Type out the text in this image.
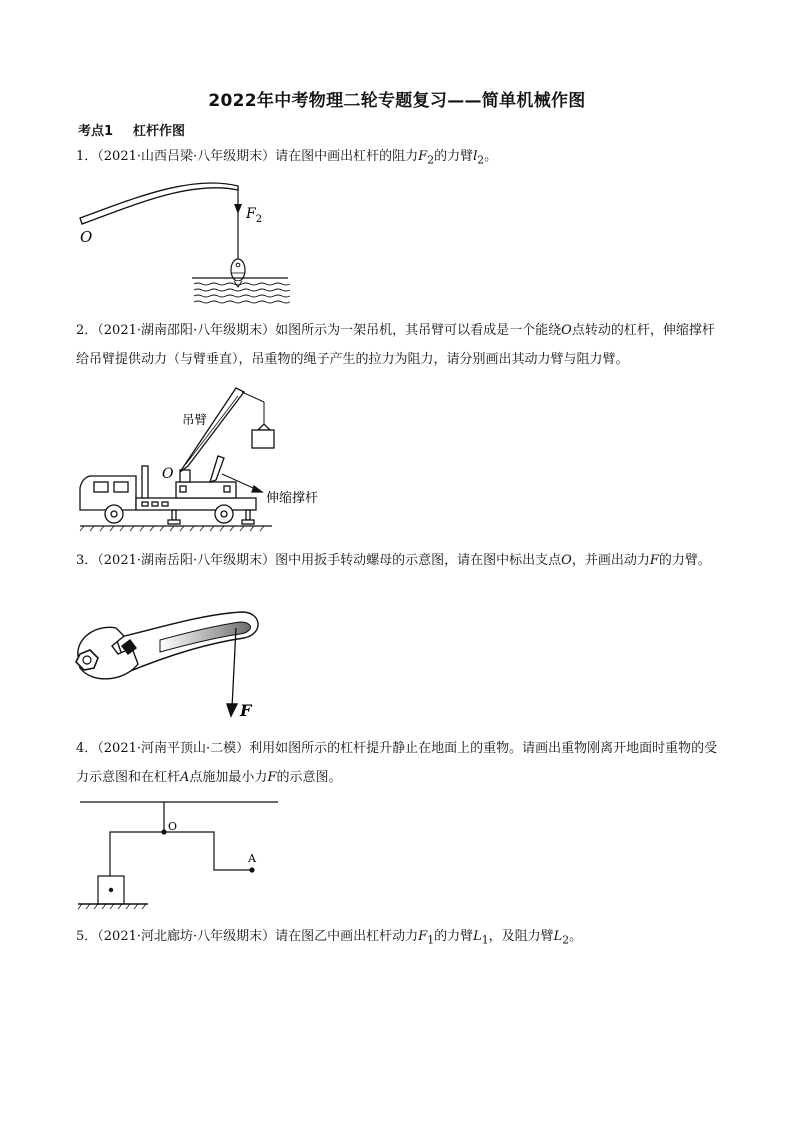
2022年中考物理二轮专题复习——简单机械作图
考点1 杠杆作图
1．（2021·山西吕梁·八年级期末）请在图中画出杠杆的阻力$F_2$的力臂$l_2$。
O
$F_2$
2．（2021·湖南邵阳·八年级期末）如图所示为一架吊机，其吊臂可以看成是一个能绕O点转动的杠杆，伸缩撑杆给吊臂提供动力（与臂垂直），吊重物的绳子产生的拉力为阻力，请分别画出其动力臂与阻力臂。
吊臂
O
伸缩撑杆
3．（2021·湖南岳阳·八年级期末）图中用扳手转动螺母的示意图，请在图中标出支点O，并画出动力F的力臂。
F
4．（2021·河南平顶山·二模）利用如图所示的杠杆提升静止在地面上的重物。请画出重物刚离开地面时重物的受力示意图和在杠杆A点施加最小力F的示意图。
O
A
5．（2021·河北廊坊·八年级期末）请在图乙中画出杠杆动力$F_1$的力臂$L_1$，及阻力臂$L_2$。
